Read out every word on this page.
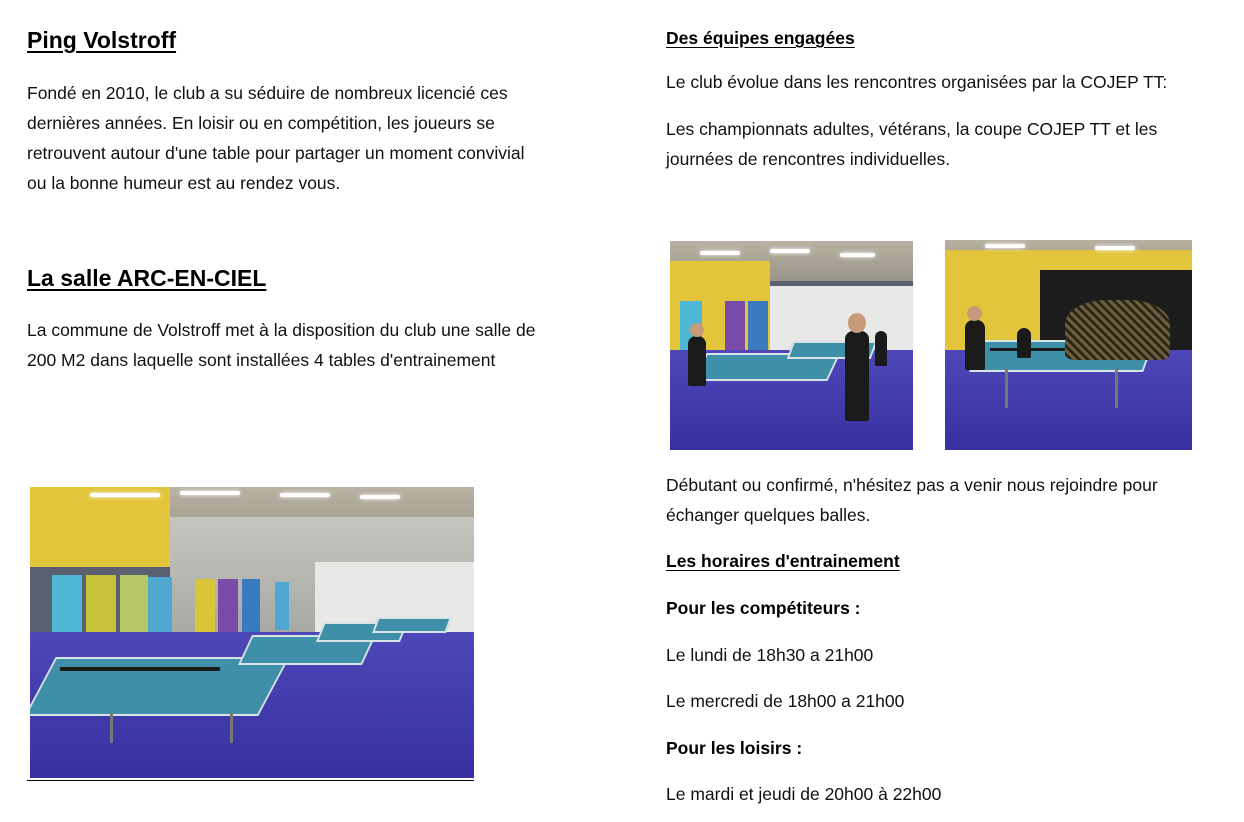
Ping Volstroff
Fondé en 2010, le club a su séduire de nombreux licencié ces
dernières années. En loisir ou en compétition, les joueurs se
retrouvent autour d'une table pour partager un moment convivial
ou la bonne humeur est au rendez vous.
La salle ARC-EN-CIEL
La commune de Volstroff met à la disposition du club une salle de
200 M2 dans laquelle sont installées 4 tables d'entrainement
Des équipes engagées
Le club évolue dans les rencontres organisées par la COJEP TT:
Les championnats adultes, vétérans, la coupe COJEP TT et les
journées de rencontres individuelles.
Débutant ou confirmé, n'hésitez pas a venir nous rejoindre pour
échanger quelques balles.
Les horaires d'entrainement
Pour les compétiteurs :
Le lundi de 18h30 a 21h00
Le mercredi de 18h00 a 21h00
Pour les loisirs :
Le mardi et jeudi de 20h00 à 22h00
